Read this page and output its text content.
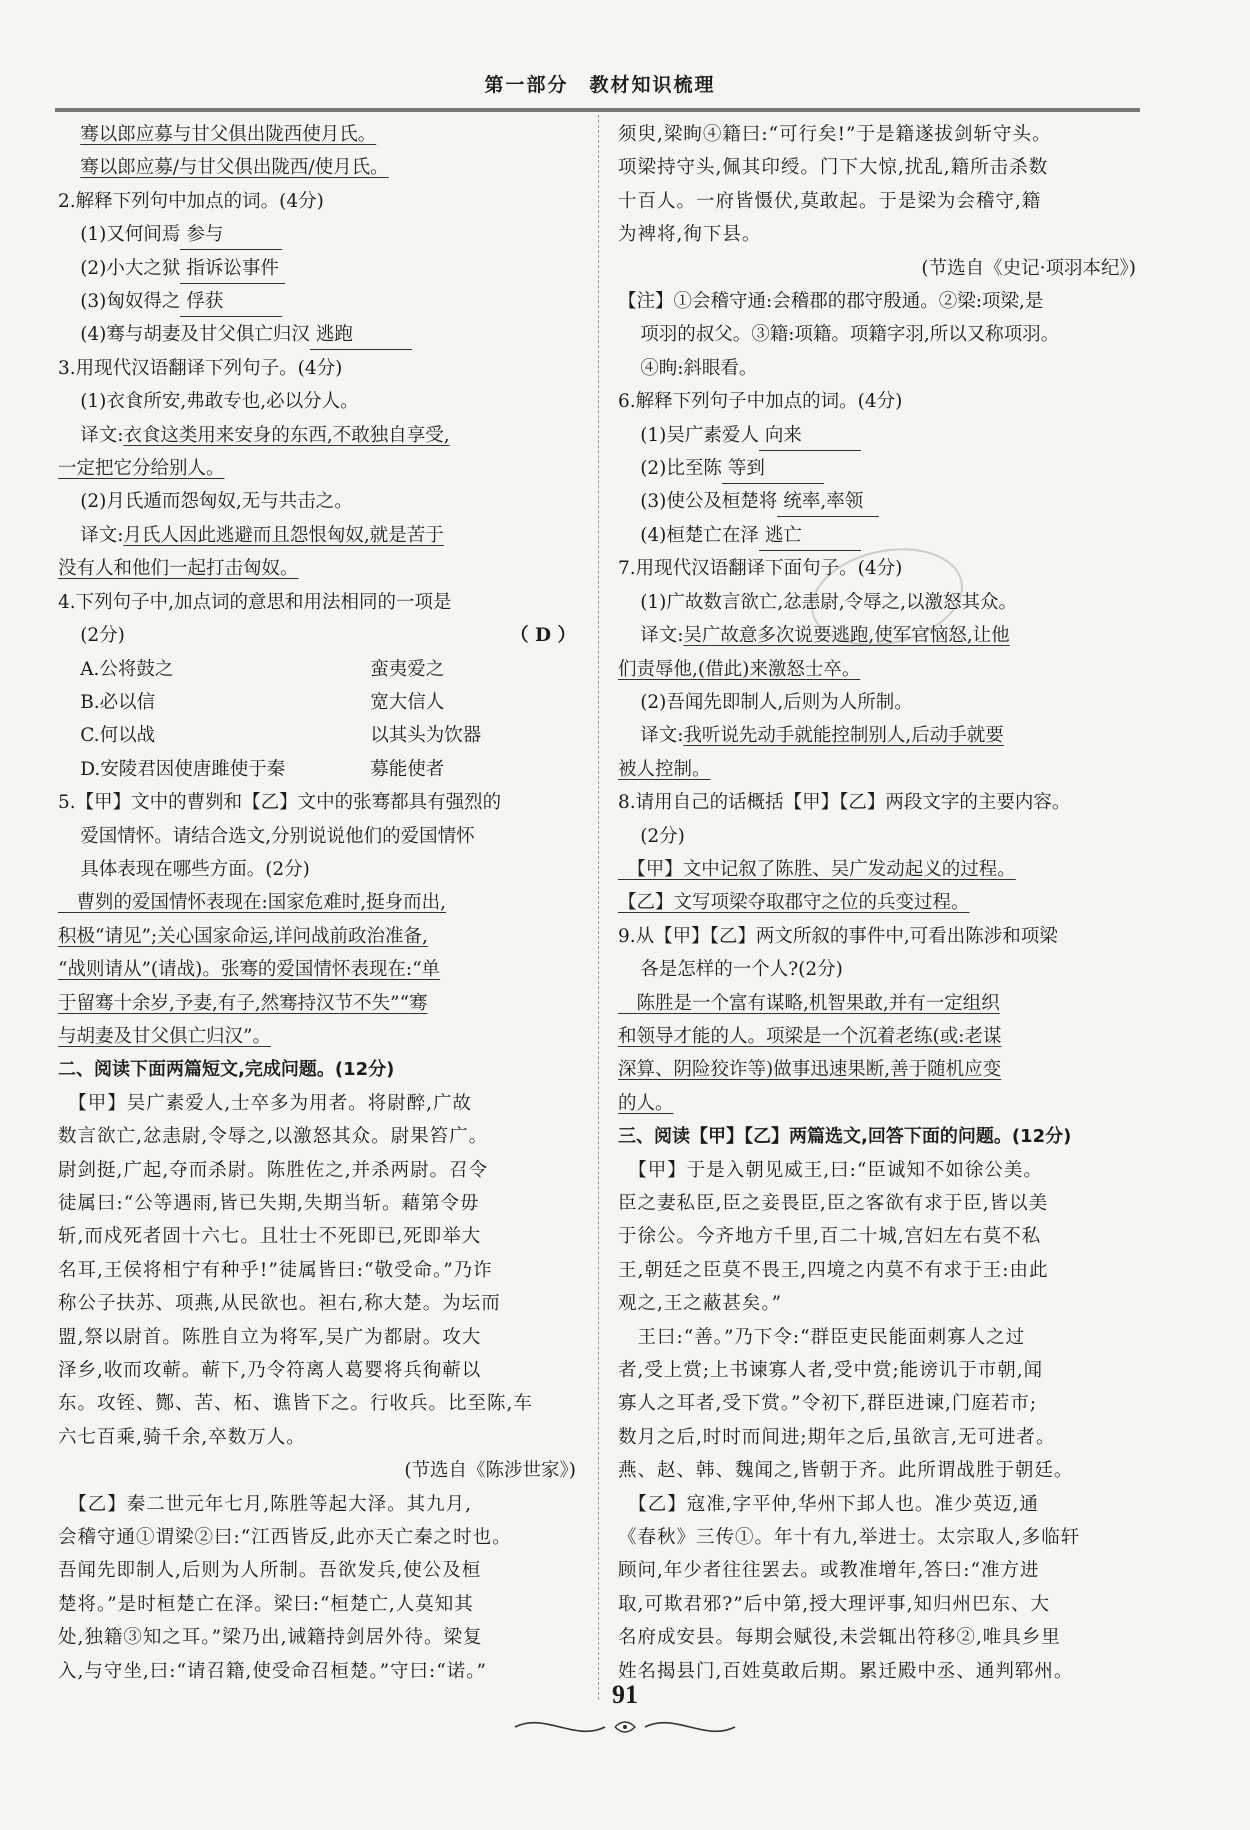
第一部分　教材知识梳理

骞以郎应募与甘父俱出陇西使月氏。

骞以郎应募/与甘父俱出陇西/使月氏。

2.解释下列句中加点的词。(4分)

(1)又何间焉 参与

(2)小大之狱 指诉讼事件

(3)匈奴得之 俘获

(4)骞与胡妻及甘父俱亡归汉 逃跑

3.用现代汉语翻译下列句子。(4分)

(1)衣食所安,弗敢专也,必以分人。

译文:衣食这类用来安身的东西,不敢独自享受,

一定把它分给别人。

(2)月氏遁而怨匈奴,无与共击之。

译文:月氏人因此逃避而且怨恨匈奴,就是苦于

没有人和他们一起打击匈奴。

4.下列句子中,加点词的意思和用法相同的一项是

(2分)	（ D ）

A.公将鼓之	蛮夷爱之

B.必以信	宽大信人

C.何以战	以其头为饮器

D.安陵君因使唐雎使于秦	募能使者

5.【甲】文中的曹刿和【乙】文中的张骞都具有强烈的

爱国情怀。请结合选文,分别说说他们的爱国情怀

具体表现在哪些方面。(2分)

　曹刿的爱国情怀表现在:国家危难时,挺身而出,

积极“请见”;关心国家命运,详问战前政治准备,

“战则请从”(请战)。张骞的爱国情怀表现在:“单

于留骞十余岁,予妻,有子,然骞持汉节不失”“骞

与胡妻及甘父俱亡归汉”。

二、阅读下面两篇短文,完成问题。(12分)

　【甲】吴广素爱人,士卒多为用者。将尉醉,广故

数言欲亡,忿恚尉,令辱之,以激怒其众。尉果笞广。

尉剑挺,广起,夺而杀尉。陈胜佐之,并杀两尉。召令

徒属曰:“公等遇雨,皆已失期,失期当斩。藉第令毋

斩,而戍死者固十六七。且壮士不死即已,死即举大

名耳,王侯将相宁有种乎!”徒属皆曰:“敬受命。”乃诈

称公子扶苏、项燕,从民欲也。袒右,称大楚。为坛而

盟,祭以尉首。陈胜自立为将军,吴广为都尉。攻大

泽乡,收而攻蕲。蕲下,乃令符离人葛婴将兵徇蕲以

东。攻铚、酂、苦、柘、谯皆下之。行收兵。比至陈,车

六七百乘,骑千余,卒数万人。

(节选自《陈涉世家》)

　【乙】秦二世元年七月,陈胜等起大泽。其九月,

会稽守通①谓梁②曰:“江西皆反,此亦天亡秦之时也。

吾闻先即制人,后则为人所制。吾欲发兵,使公及桓

楚将。”是时桓楚亡在泽。梁曰:“桓楚亡,人莫知其

处,独籍③知之耳。”梁乃出,诫籍持剑居外待。梁复

入,与守坐,曰:“请召籍,使受命召桓楚。”守曰:“诺。”

须臾,梁眴④籍曰:“可行矣!”于是籍遂拔剑斩守头。

项梁持守头,佩其印绶。门下大惊,扰乱,籍所击杀数

十百人。一府皆慑伏,莫敢起。于是梁为会稽守,籍

为裨将,徇下县。

(节选自《史记·项羽本纪》)

【注】①会稽守通:会稽郡的郡守殷通。②梁:项梁,是

项羽的叔父。③籍:项籍。项籍字羽,所以又称项羽。

④眴:斜眼看。

6.解释下列句子中加点的词。(4分)

(1)吴广素爱人 向来

(2)比至陈 等到

(3)使公及桓楚将 统率,率领

(4)桓楚亡在泽 逃亡

7.用现代汉语翻译下面句子。(4分)

(1)广故数言欲亡,忿恚尉,令辱之,以激怒其众。

译文:吴广故意多次说要逃跑,使军官恼怒,让他

们责辱他,(借此)来激怒士卒。

(2)吾闻先即制人,后则为人所制。

译文:我听说先动手就能控制别人,后动手就要

被人控制。

8.请用自己的话概括【甲】【乙】两段文字的主要内容。

(2分)

　【甲】文中记叙了陈胜、吴广发动起义的过程。

【乙】文写项梁夺取郡守之位的兵变过程。

9.从【甲】【乙】两文所叙的事件中,可看出陈涉和项梁

各是怎样的一个人?(2分)

　陈胜是一个富有谋略,机智果敢,并有一定组织

和领导才能的人。项梁是一个沉着老练(或:老谋

深算、阴险狡诈等)做事迅速果断,善于随机应变

的人。

三、阅读【甲】【乙】两篇选文,回答下面的问题。(12分)

　【甲】于是入朝见威王,曰:“臣诚知不如徐公美。

臣之妻私臣,臣之妾畏臣,臣之客欲有求于臣,皆以美

于徐公。今齐地方千里,百二十城,宫妇左右莫不私

王,朝廷之臣莫不畏王,四境之内莫不有求于王:由此

观之,王之蔽甚矣。”

　王曰:“善。”乃下令:“群臣吏民能面刺寡人之过

者,受上赏;上书谏寡人者,受中赏;能谤讥于市朝,闻

寡人之耳者,受下赏。”令初下,群臣进谏,门庭若市;

数月之后,时时而间进;期年之后,虽欲言,无可进者。

燕、赵、韩、魏闻之,皆朝于齐。此所谓战胜于朝廷。

　【乙】寇准,字平仲,华州下邽人也。准少英迈,通

《春秋》三传①。年十有九,举进士。太宗取人,多临轩

顾问,年少者往往罢去。或教准增年,答曰:“准方进

取,可欺君邪?”后中第,授大理评事,知归州巴东、大

名府成安县。每期会赋役,未尝辄出符移②,唯具乡里

姓名揭县门,百姓莫敢后期。累迁殿中丞、通判郓州。

91
